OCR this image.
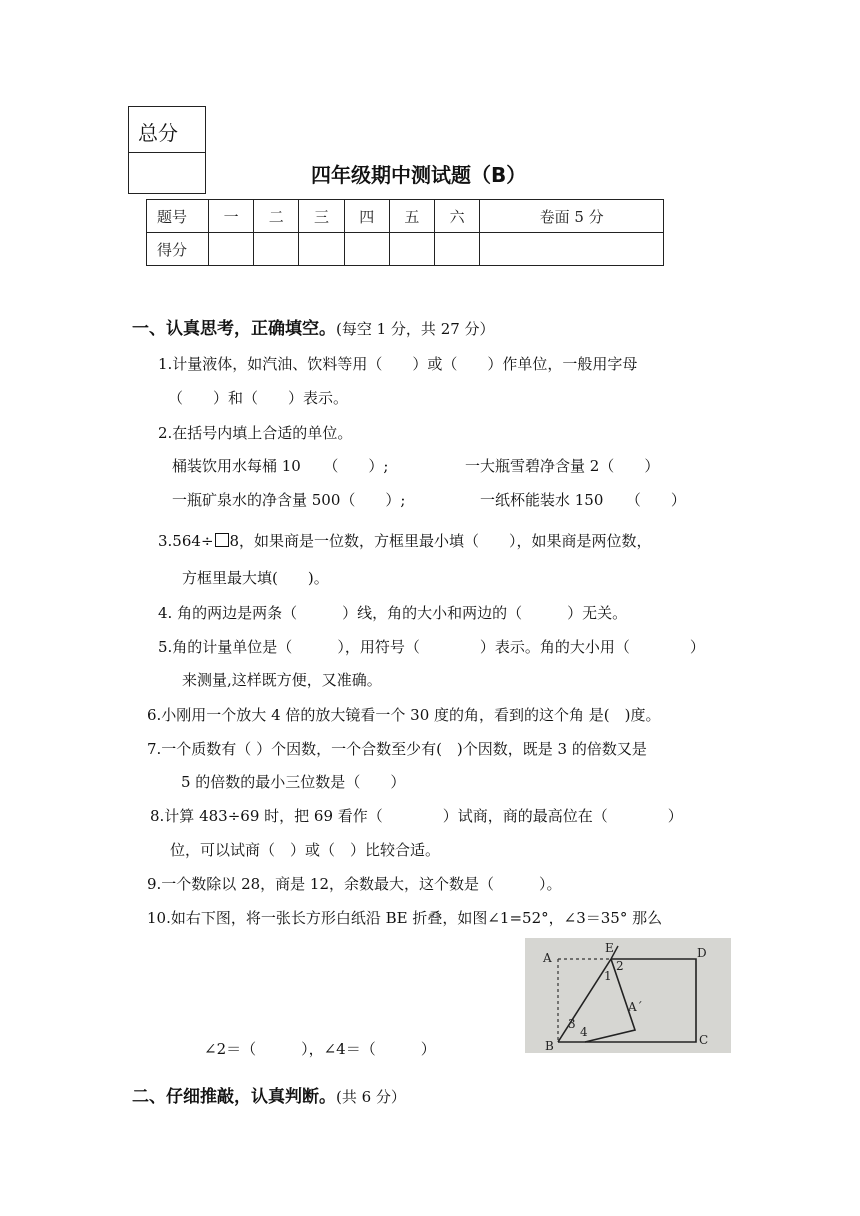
总分
四年级期中测试题（B）
题号	一	二	三	四	五	六	卷面 5 分
得分							
一、认真思考，正确填空。(每空 1 分，共 27 分）
1.计量液体，如汽油、饮料等用（　　）或（　　）作单位，一般用字母
（　　）和（　　）表示。
2.在括号内填上合适的单位。
桶装饮用水每桶 10　　（　　）;	一大瓶雪碧净含量 2（　　）
一瓶矿泉水的净含量 500（　　）;	一纸杯能装水 150　　（　　）
3.564÷ 8，如果商是一位数，方框里最小填（　　），如果商是两位数，
方框里最大填(　　)。
4. 角的两边是两条（　　　）线，角的大小和两边的（　　　）无关。
5.角的计量单位是（　　　），用符号（　　　　）表示。角的大小用（　　　　）
来测量,这样既方便，又准确。
6.小刚用一个放大 4 倍的放大镜看一个 30 度的角，看到的这个角 是(　)度。
7.一个质数有（ ）个因数，一个合数至少有(　)个因数，既是 3 的倍数又是
5 的倍数的最小三位数是（　　）
8.计算 483÷69 时，把 69 看作（　　　　）试商，商的最高位在（　　　　）
位，可以试商（　）或（　）比较合适。
9.一个数除以 28，商是 12，余数最大，这个数是（　　　）。
10.如右下图，将一张长方形白纸沿 BE 折叠，如图∠1=52°，∠3＝35° 那么
∠2＝（　　　），∠4＝（　　　）
A
E	D
1
2
A´
3
4
B	C
二、仔细推敲，认真判断。(共 6 分）
